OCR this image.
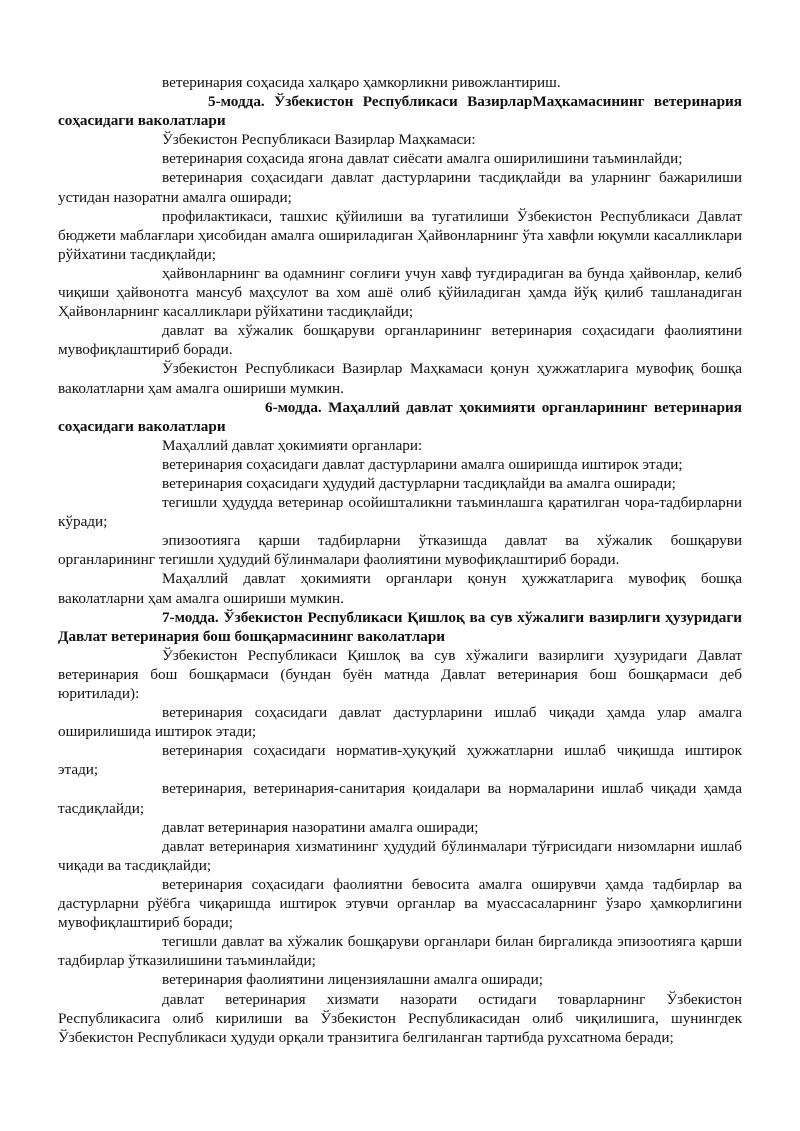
ветеринария соҳасида халқаро ҳамкорликни ривожлантириш.

5-модда. Ўзбекистон Республикаси ВазирларМаҳкамасининг ветеринария соҳасидаги ваколатлари

Ўзбекистон Республикаси Вазирлар Маҳкамаси:

ветеринария соҳасида ягона давлат сиёсати амалга оширилишини таъминлайди;

ветеринария соҳасидаги давлат дастурларини тасдиқлайди ва уларнинг бажарилиши устидан назоратни амалга оширади;

профилактикаси, ташхис қўйилиши ва тугатилиши Ўзбекистон Республикаси Давлат бюджети маблағлари ҳисобидан амалга ошириладиган Ҳайвонларнинг ўта хавфли юқумли касалликлари рўйхатини тасдиқлайди;

ҳайвонларнинг ва одамнинг соғлиғи учун хавф туғдирадиган ва бунда ҳайвонлар, келиб чиқиши ҳайвонотга мансуб маҳсулот ва хом ашё олиб қўйиладиган ҳамда йўқ қилиб ташланадиган Ҳайвонларнинг касалликлари рўйхатини тасдиқлайди;

давлат ва хўжалик бошқаруви органларининг ветеринария соҳасидаги фаолиятини мувофиқлаштириб боради.

Ўзбекистон Республикаси Вазирлар Маҳкамаси қонун ҳужжатларига мувофиқ бошқа ваколатларни ҳам амалга ошириши мумкин.

6-модда. Маҳаллий давлат ҳокимияти органларининг ветеринария соҳасидаги ваколатлари

Маҳаллий давлат ҳокимияти органлари:

ветеринария соҳасидаги давлат дастурларини амалга оширишда иштирок этади;

ветеринария соҳасидаги ҳудудий дастурларни тасдиқлайди ва амалга оширади;

тегишли ҳудудда ветеринар осойишталикни таъминлашга қаратилган чора-тадбирларни кўради;

эпизоотияга қарши тадбирларни ўтказишда давлат ва хўжалик бошқаруви органларининг тегишли ҳудудий бўлинмалари фаолиятини мувофиқлаштириб боради.

Маҳаллий давлат ҳокимияти органлари қонун ҳужжатларига мувофиқ бошқа ваколатларни ҳам амалга ошириши мумкин.

7-модда. Ўзбекистон Республикаси Қишлоқ ва сув хўжалиги вазирлиги ҳузуридаги Давлат ветеринария бош бошқармасининг ваколатлари

Ўзбекистон Республикаси Қишлоқ ва сув хўжалиги вазирлиги ҳузуридаги Давлат ветеринария бош бошқармаси (бундан буён матнда Давлат ветеринария бош бошқармаси деб юритилади):

ветеринария соҳасидаги давлат дастурларини ишлаб чиқади ҳамда улар амалга оширилишида иштирок этади;

ветеринария соҳасидаги норматив-ҳуқуқий ҳужжатларни ишлаб чиқишда иштирок этади;

ветеринария, ветеринария-санитария қоидалари ва нормаларини ишлаб чиқади ҳамда тасдиқлайди;

давлат ветеринария назоратини амалга оширади;

давлат ветеринария хизматининг ҳудудий бўлинмалари тўғрисидаги низомларни ишлаб чиқади ва тасдиқлайди;

ветеринария соҳасидаги фаолиятни бевосита амалга оширувчи ҳамда тадбирлар ва дастурларни рўёбга чиқаришда иштирок этувчи органлар ва муассасаларнинг ўзаро ҳамкорлигини мувофиқлаштириб боради;

тегишли давлат ва хўжалик бошқаруви органлари билан биргаликда эпизоотияга қарши тадбирлар ўтказилишини таъминлайди;

ветеринария фаолиятини лицензиялашни амалга оширади;

давлат ветеринария хизмати назорати остидаги товарларнинг Ўзбекистон Республикасига олиб кирилиши ва Ўзбекистон Республикасидан олиб чиқилишига, шунингдек Ўзбекистон Республикаси ҳудуди орқали транзитига белгиланган тартибда рухсатнома беради;
